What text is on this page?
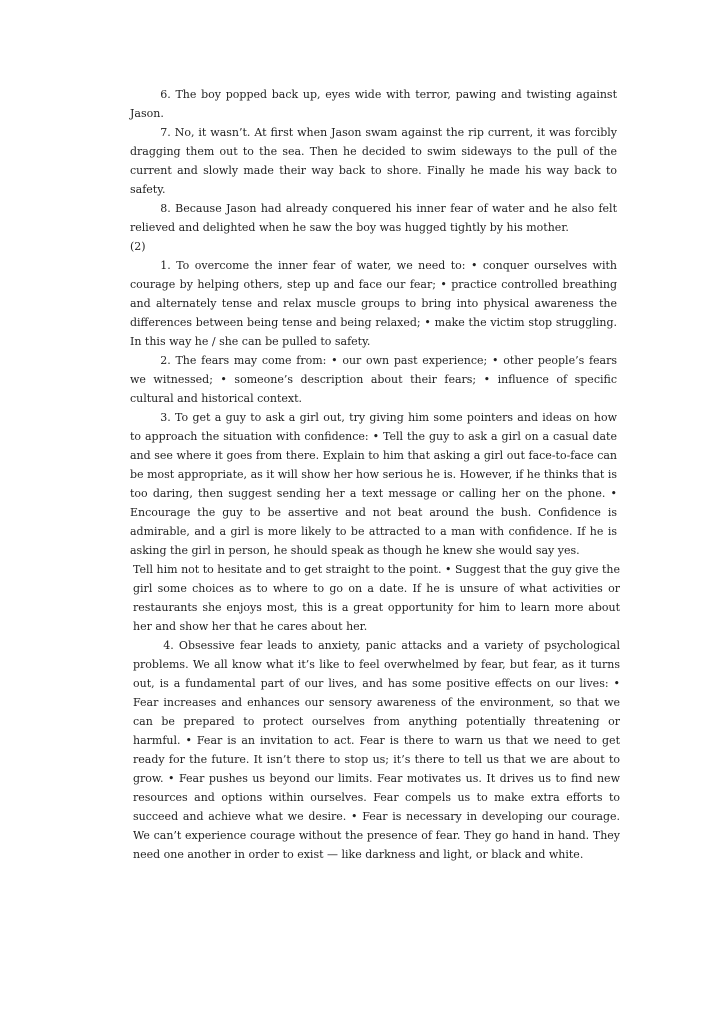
6. The boy popped back up, eyes wide with terror, pawing and twisting against Jason.

7. No, it wasn’t. At first when Jason swam against the rip current, it was forcibly dragging them out to the sea. Then he decided to swim sideways to the pull of the current and slowly made their way back to shore. Finally he made his way back to safety.

8. Because Jason had already conquered his inner fear of water and he also felt relieved and delighted when he saw the boy was hugged tightly by his mother.

(2)

1. To overcome the inner fear of water, we need to: • conquer ourselves with courage by helping others, step up and face our fear; • practice controlled breathing and alternately tense and relax muscle groups to bring into physical awareness the differences between being tense and being relaxed; • make the victim stop struggling. In this way he / she can be pulled to safety.

2. The fears may come from: • our own past experience; • other people’s fears we witnessed; • someone’s description about their fears; • influence of specific cultural and historical context.

3. To get a guy to ask a girl out, try giving him some pointers and ideas on how to approach the situation with confidence: • Tell the guy to ask a girl on a casual date and see where it goes from there. Explain to him that asking a girl out face-to-face can be most appropriate, as it will show her how serious he is. However, if he thinks that is too daring, then suggest sending her a text message or calling her on the phone. • Encourage the guy to be assertive and not beat around the bush. Confidence is admirable, and a girl is more likely to be attracted to a man with confidence. If he is asking the girl in person, he should speak as though he knew she would say yes.

Tell him not to hesitate and to get straight to the point. • Suggest that the guy give the girl some choices as to where to go on a date. If he is unsure of what activities or restaurants she enjoys most, this is a great opportunity for him to learn more about her and show her that he cares about her.

4. Obsessive fear leads to anxiety, panic attacks and a variety of psychological problems. We all know what it’s like to feel overwhelmed by fear, but fear, as it turns out, is a fundamental part of our lives, and has some positive effects on our lives: • Fear increases and enhances our sensory awareness of the environment, so that we can be prepared to protect ourselves from anything potentially threatening or harmful. • Fear is an invitation to act. Fear is there to warn us that we need to get ready for the future. It isn’t there to stop us; it’s there to tell us that we are about to grow. • Fear pushes us beyond our limits. Fear motivates us. It drives us to find new resources and options within ourselves. Fear compels us to make extra efforts to succeed and achieve what we desire. • Fear is necessary in developing our courage. We can’t experience courage without the presence of fear. They go hand in hand. They need one another in order to exist — like darkness and light, or black and white.
